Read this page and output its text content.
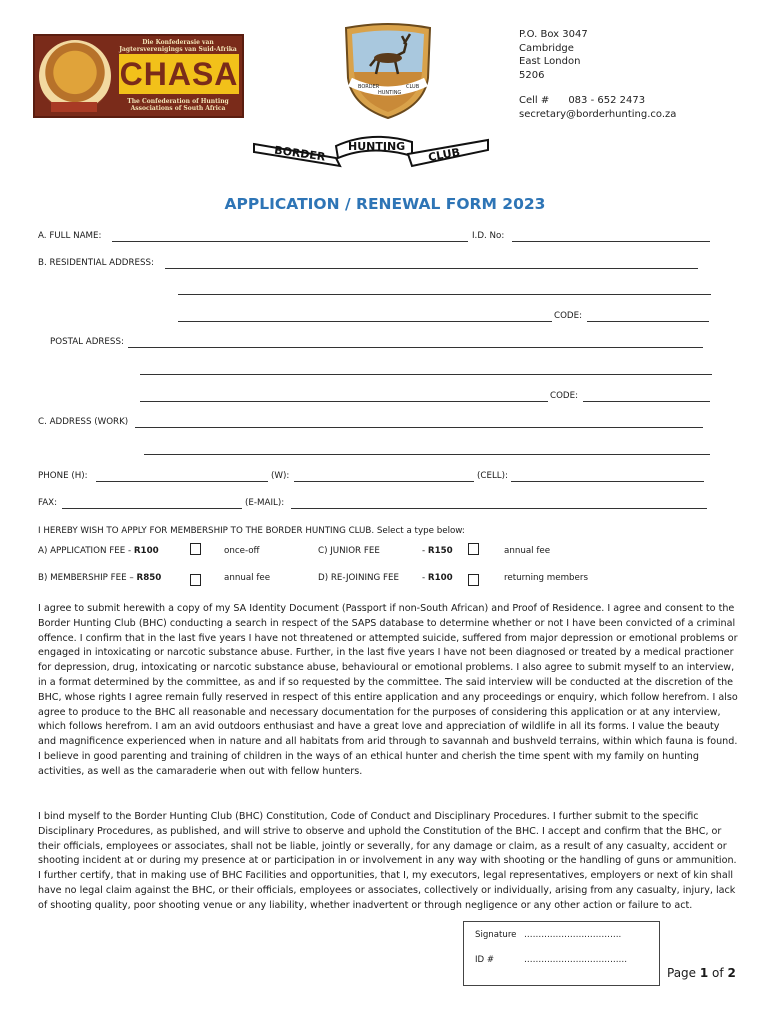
Die Konfederasie van Jagtersverenigings van Suid-Afrika
CHASA
The Confederation of Hunting Associations of South Africa
BORDER
HUNTING
CLUB
P.O. Box 3047
Cambridge
East London
5206
Cell #      083 - 652 2473
secretary@borderhunting.co.za
BORDER HUNTING CLUB
APPLICATION / RENEWAL FORM 2023
A. FULL NAME:	I.D. No:
B. RESIDENTIAL ADDRESS:
CODE:
POSTAL ADRESS:
CODE:
C. ADDRESS (WORK)
PHONE (H):	(W):	(CELL):
FAX:	(E-MAIL):
I HEREBY WISH TO APPLY FOR MEMBERSHIP TO THE BORDER HUNTING CLUB. Select a type below:
A) APPLICATION FEE - R100	once-off	C) JUNIOR FEE	- R150	annual fee
B) MEMBERSHIP FEE – R850	annual fee	D) RE-JOINING FEE	- R100	returning members
I agree to submit herewith a copy of my SA Identity Document (Passport if non-South African) and Proof of Residence. I agree and consent to the Border Hunting Club (BHC) conducting a search in respect of the SAPS database to determine whether or not I have been convicted of a criminal offence. I confirm that in the last five years I have not threatened or attempted suicide, suffered from major depression or emotional problems or engaged in intoxicating or narcotic substance abuse. Further, in the last five years I have not been diagnosed or treated by a medical practioner for depression, drug, intoxicating or narcotic substance abuse, behavioural or emotional problems. I also agree to submit myself to an interview, in a format determined by the committee, as and if so requested by the committee. The said interview will be conducted at the discretion of the BHC, whose rights I agree remain fully reserved in respect of this entire application and any proceedings or enquiry, which follow herefrom. I also agree to produce to the BHC all reasonable and necessary documentation for the purposes of considering this application or at any interview, which follows herefrom. I am an avid outdoors enthusiast and have a great love and appreciation of wildlife in all its forms. I value the beauty and magnificence experienced when in nature and all habitats from arid through to savannah and bushveld terrains, within which fauna is found. I believe in good parenting and training of children in the ways of an ethical hunter and cherish the time spent with my family on hunting activities, as well as the camaraderie when out with fellow hunters.
I bind myself to the Border Hunting Club (BHC) Constitution, Code of Conduct and Disciplinary Procedures. I further submit to the specific Disciplinary Procedures, as published, and will strive to observe and uphold the Constitution of the BHC. I accept and confirm that the BHC, or their officials, employees or associates, shall not be liable, jointly or severally, for any damage or claim, as a result of any casualty, accident or shooting incident at or during my presence at or participation in or involvement in any way with shooting or the handling of guns or ammunition. I further certify, that in making use of BHC Facilities and opportunities, that I, my executors, legal representatives, employers or next of kin shall have no legal claim against the BHC, or their officials, employees or associates, collectively or individually, arising from any casualty, injury, lack of shooting quality, poor shooting venue or any liability, whether inadvertent or through negligence or any other action or failure to act.
Signature …………………………….
ID #	………………………………
Page 1 of 2
